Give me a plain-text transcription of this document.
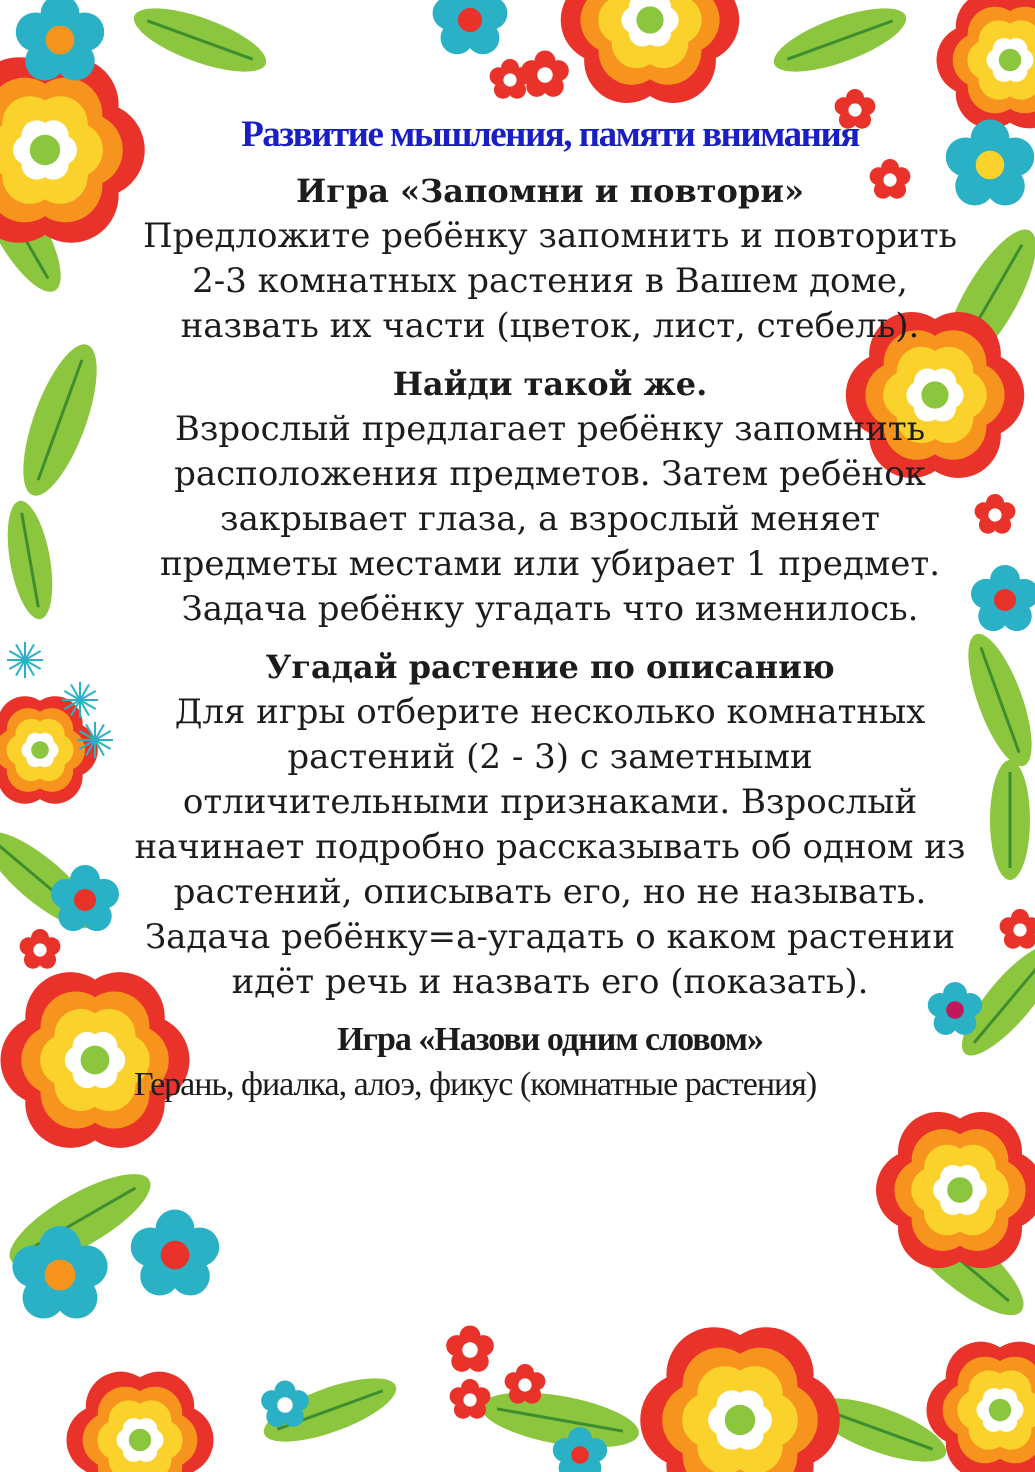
Развитие мышления, памяти внимания
Игра «Запомни и повтори»
Предложите ребёнку запомнить и повторить 2-3 комнатных растения в Вашем доме, назвать их части (цветок, лист, стебель).
Найди такой же.
Взрослый предлагает ребёнку запомнить расположения предметов. Затем ребёнок закрывает глаза, а взрослый меняет предметы местами или убирает 1 предмет. Задача ребёнку угадать что изменилось.
Угадай растение по описанию
Для игры отберите несколько комнатных растений (2 - 3) с заметными отличительными признаками. Взрослый начинает подробно рассказывать об одном из растений, описывать его, но не называть. Задача ребёнку=а-угадать о каком растении идёт речь и назвать его (показать).
Игра «Назови одним словом»
Герань, фиалка, алоэ, фикус (комнатные растения)
